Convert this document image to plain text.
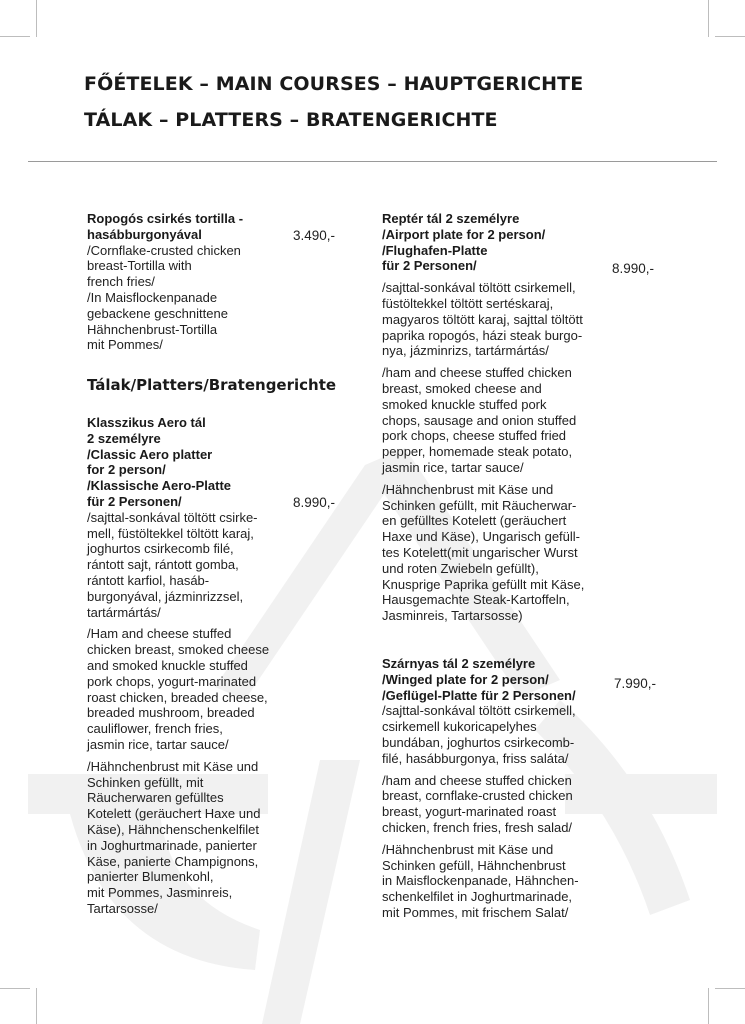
FŐÉTELEK – MAIN COURSES – HAUPTGERICHTE
TÁLAK – PLATTERS – BRATENGERICHTE
Ropogós csirkés tortilla -
hasábburgonyával
/Cornflake-crusted chicken
breast-Tortilla with
french fries/
/In Maisflockenpanade
gebackene geschnittene
Hähnchenbrust-Tortilla
mit Pommes/
3.490,-
Tálak/Platters/Bratengerichte
Klasszikus Aero tál
2 személyre
/Classic Aero platter
for 2 person/
/Klassische Aero-Platte
für 2 Personen/
/sajttal-sonkával töltött csirke-
mell, füstöltekkel töltött karaj,
joghurtos csirkecomb filé,
rántott sajt, rántott gomba,
rántott karfiol, hasáb-
burgonyával, jázminrizzsel,
tartármártás/
/Ham and cheese stuffed
chicken breast, smoked cheese
and smoked knuckle stuffed
pork chops, yogurt-marinated
roast chicken, breaded cheese,
breaded mushroom, breaded
cauliflower, french fries,
jasmin rice, tartar sauce/
/Hähnchenbrust mit Käse und
Schinken gefüllt, mit
Räucherwaren gefülltes
Kotelett (geräuchert Haxe und
Käse), Hähnchenschenkelfilet
in Joghurtmarinade, panierter
Käse, panierte Champignons,
panierter Blumenkohl,
mit Pommes, Jasminreis,
Tartarsosse/
8.990,-
Reptér tál 2 személyre
/Airport plate for 2 person/
/Flughafen-Platte
für 2 Personen/
/sajttal-sonkával töltött csirkemell,
füstöltekkel töltött sertéskaraj,
magyaros töltött karaj, sajttal töltött
paprika ropogós, házi steak burgo-
nya, jázminrizs, tartármártás/
/ham and cheese stuffed chicken
breast, smoked cheese and
smoked knuckle stuffed pork
chops, sausage and onion stuffed
pork chops, cheese stuffed fried
pepper, homemade steak potato,
jasmin rice, tartar sauce/
/Hähnchenbrust mit Käse und
Schinken gefüllt, mit Räucherwar-
en gefülltes Kotelett (geräuchert
Haxe und Käse), Ungarisch gefüll-
tes Kotelett(mit ungarischer Wurst
und roten Zwiebeln gefüllt),
Knusprige Paprika gefüllt mit Käse,
Hausgemachte Steak-Kartoffeln,
Jasminreis, Tartarsosse)
8.990,-
Szárnyas tál 2 személyre
/Winged plate for 2 person/
/Geflügel-Platte für 2 Personen/
/sajttal-sonkával töltött csirkemell,
csirkemell kukoricapelyhes
bundában, joghurtos csirkecomb-
filé, hasábburgonya, friss saláta/
/ham and cheese stuffed chicken
breast, cornflake-crusted chicken
breast, yogurt-marinated roast
chicken, french fries, fresh salad/
/Hähnchenbrust mit Käse und
Schinken gefüll, Hähnchenbrust
in Maisflockenpanade, Hähnchen-
schenkelfilet in Joghurtmarinade,
mit Pommes, mit frischem Salat/
7.990,-
